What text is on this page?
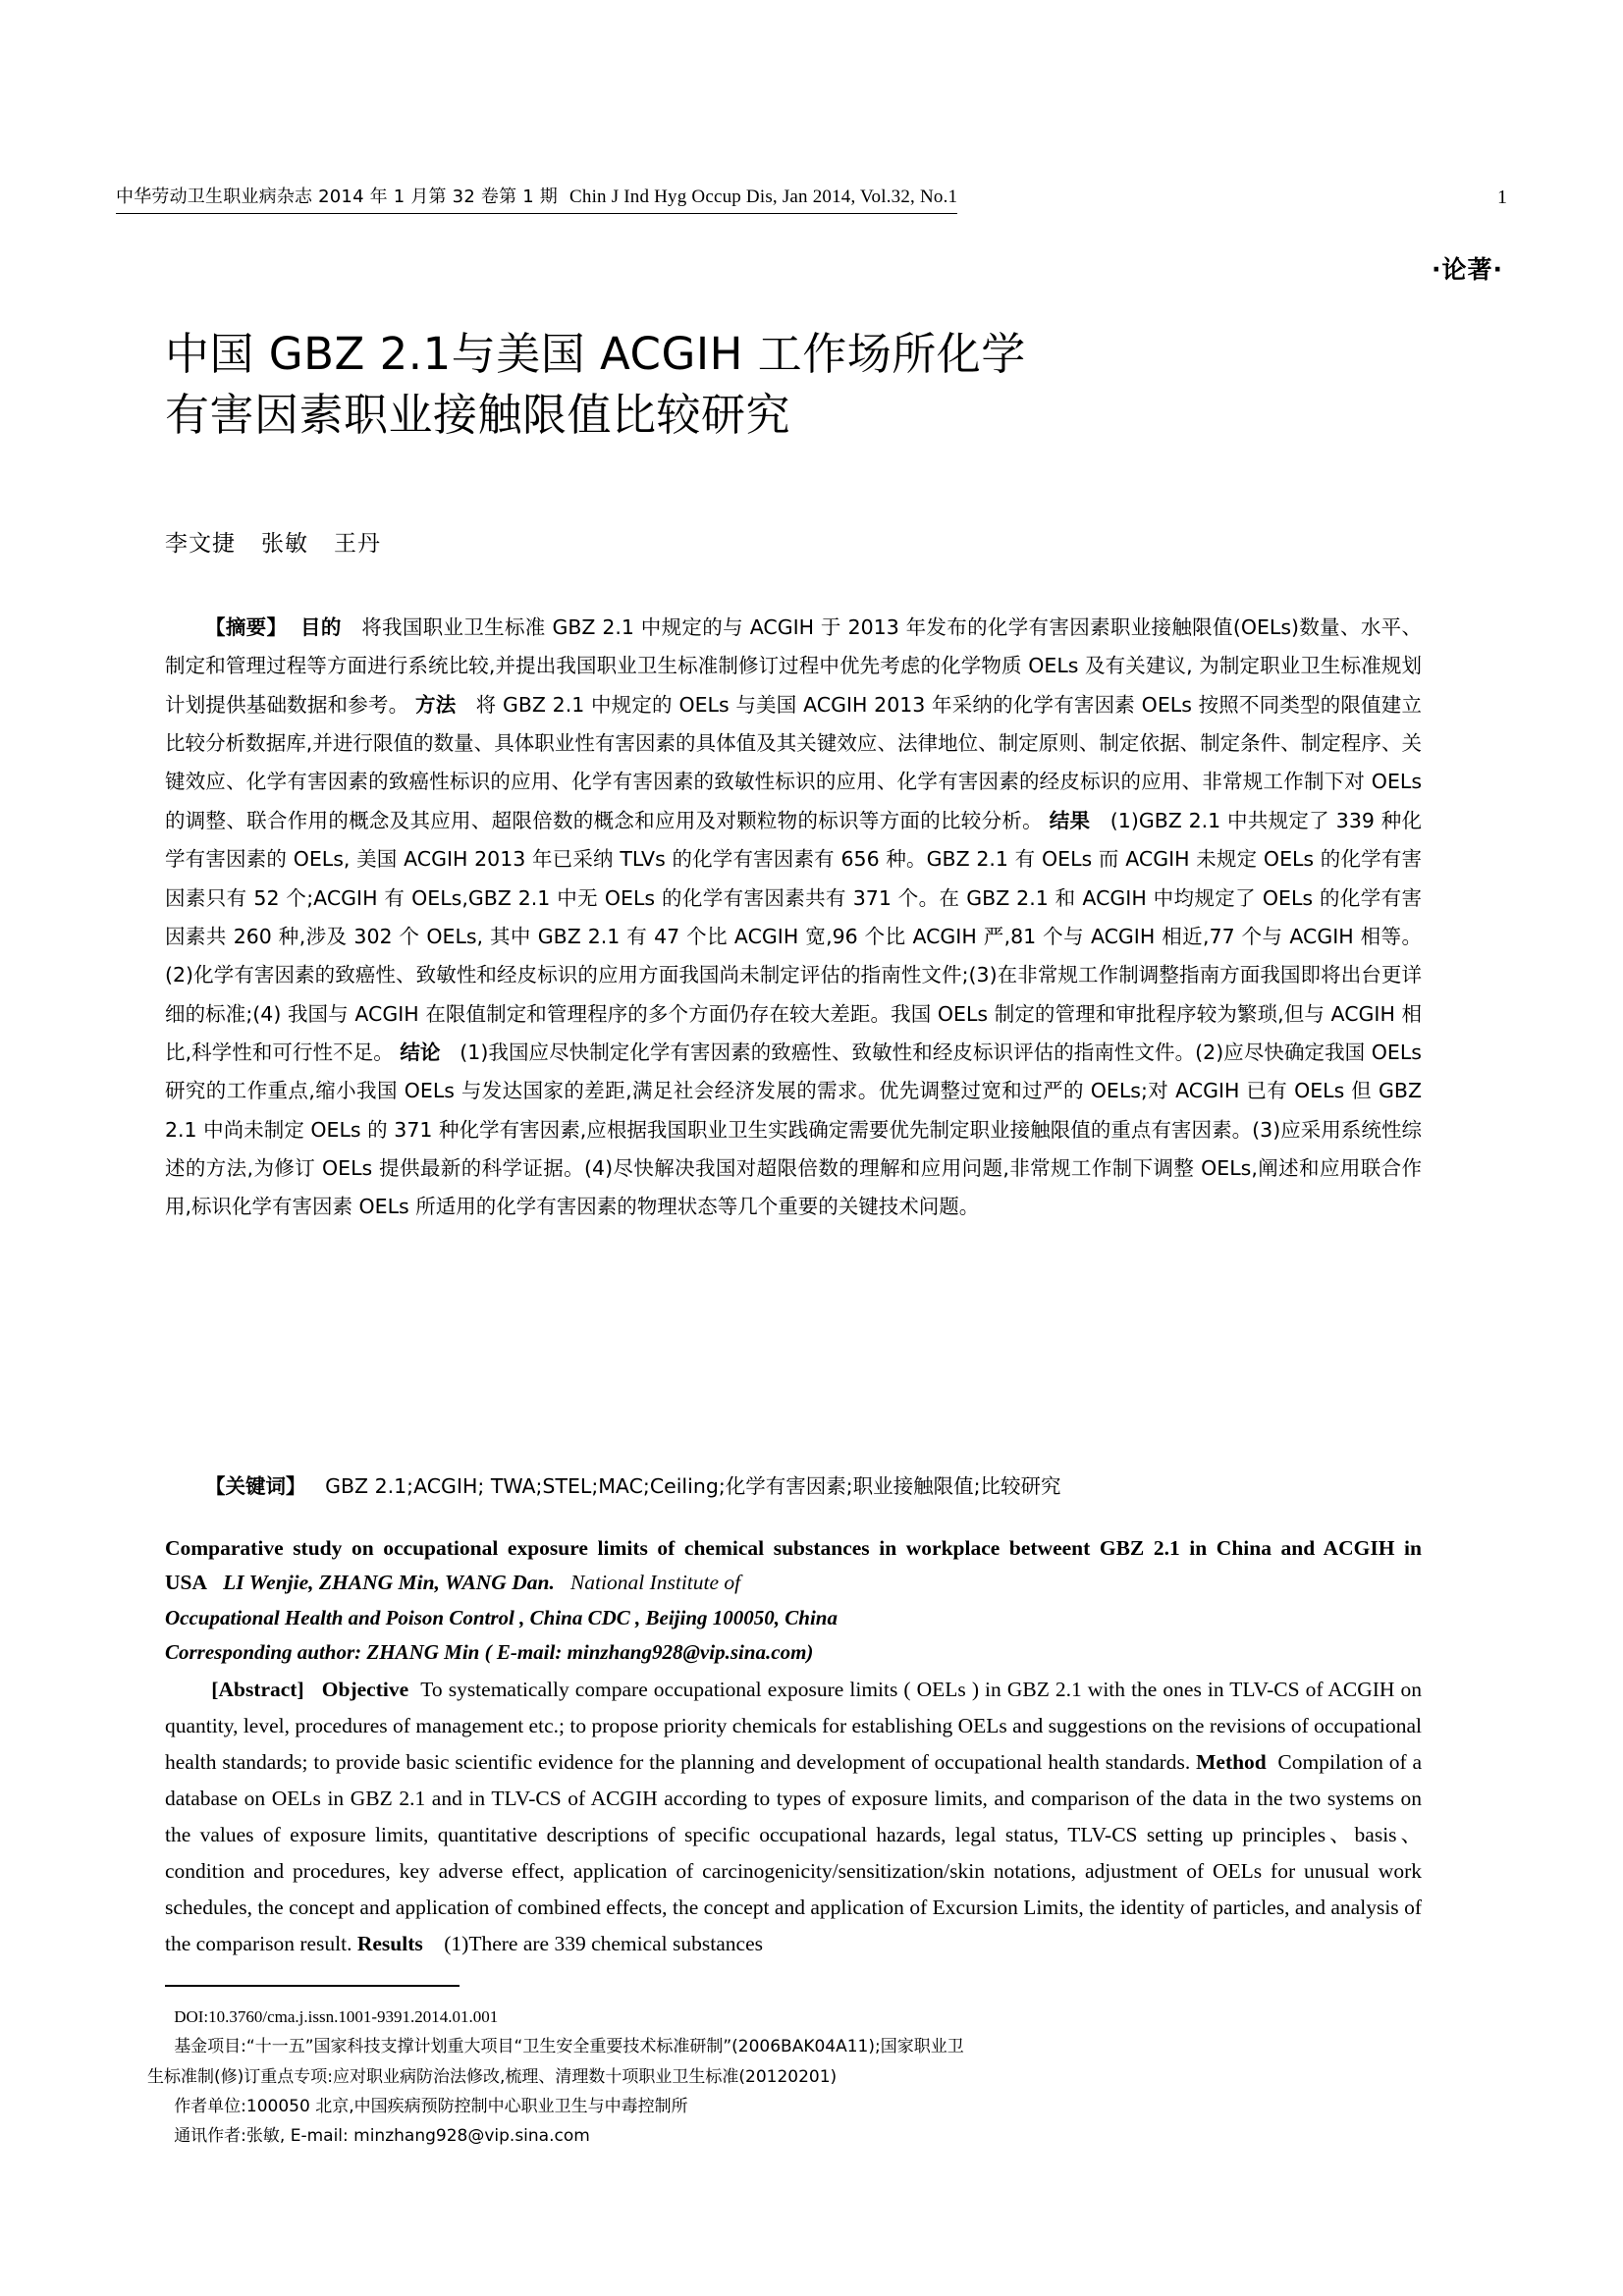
中华劳动卫生职业病杂志 2014 年 1 月第 32 卷第 1 期 Chin J Ind Hyg Occup Dis, Jan 2014, Vol.32, No.1	1
·论著·
中国 GBZ 2.1与美国 ACGIH 工作场所化学
有害因素职业接触限值比较研究
李文捷 张敏 王丹
【摘要】 目的 将我国职业卫生标准 GBZ 2.1 中规定的与 ACGIH 于 2013 年发布的化学有害因素职业接触限值(OELs)数量、水平、制定和管理过程等方面进行系统比较,并提出我国职业卫生标准制修订过程中优先考虑的化学物质 OELs 及有关建议, 为制定职业卫生标准规划计划提供基础数据和参考。 方法 将 GBZ 2.1 中规定的 OELs 与美国 ACGIH 2013 年采纳的化学有害因素 OELs 按照不同类型的限值建立比较分析数据库,并进行限值的数量、具体职业性有害因素的具体值及其关键效应、法律地位、制定原则、制定依据、制定条件、制定程序、关键效应、化学有害因素的致癌性标识的应用、化学有害因素的致敏性标识的应用、化学有害因素的经皮标识的应用、非常规工作制下对 OELs 的调整、联合作用的概念及其应用、超限倍数的概念和应用及对颗粒物的标识等方面的比较分析。 结果 (1)GBZ 2.1 中共规定了 339 种化学有害因素的 OELs, 美国 ACGIH 2013 年已采纳 TLVs 的化学有害因素有 656 种。GBZ 2.1 有 OELs 而 ACGIH 未规定 OELs 的化学有害因素只有 52 个;ACGIH 有 OELs,GBZ 2.1 中无 OELs 的化学有害因素共有 371 个。在 GBZ 2.1 和 ACGIH 中均规定了 OELs 的化学有害因素共 260 种,涉及 302 个 OELs, 其中 GBZ 2.1 有 47 个比 ACGIH 宽,96 个比 ACGIH 严,81 个与 ACGIH 相近,77 个与 ACGIH 相等。(2)化学有害因素的致癌性、致敏性和经皮标识的应用方面我国尚未制定评估的指南性文件;(3)在非常规工作制调整指南方面我国即将出台更详细的标准;(4) 我国与 ACGIH 在限值制定和管理程序的多个方面仍存在较大差距。我国 OELs 制定的管理和审批程序较为繁琐,但与 ACGIH 相比,科学性和可行性不足。 结论 (1)我国应尽快制定化学有害因素的致癌性、致敏性和经皮标识评估的指南性文件。(2)应尽快确定我国 OELs 研究的工作重点,缩小我国 OELs 与发达国家的差距,满足社会经济发展的需求。优先调整过宽和过严的 OELs;对 ACGIH 已有 OELs 但 GBZ 2.1 中尚未制定 OELs 的 371 种化学有害因素,应根据我国职业卫生实践确定需要优先制定职业接触限值的重点有害因素。(3)应采用系统性综述的方法,为修订 OELs 提供最新的科学证据。(4)尽快解决我国对超限倍数的理解和应用问题,非常规工作制下调整 OELs,阐述和应用联合作用,标识化学有害因素 OELs 所适用的化学有害因素的物理状态等几个重要的关键技术问题。
【关键词】 GBZ 2.1;ACGIH; TWA;STEL;MAC;Ceiling;化学有害因素;职业接触限值;比较研究
Comparative study on occupational exposure limits of chemical substances in workplace betweent GBZ 2.1 in China and ACGIH in USA LI Wenjie, ZHANG Min, WANG Dan. National Institute of
Occupational Health and Poison Control , China CDC , Beijing 100050, China
Corresponding author: ZHANG Min ( E-mail: minzhang928@vip.sina.com)
[Abstract] Objective To systematically compare occupational exposure limits ( OELs ) in GBZ 2.1 with the ones in TLV-CS of ACGIH on quantity, level, procedures of management etc.; to propose priority chemicals for establishing OELs and suggestions on the revisions of occupational health standards; to provide basic scientific evidence for the planning and development of occupational health standards. Method Compilation of a database on OELs in GBZ 2.1 and in TLV-CS of ACGIH according to types of exposure limits, and comparison of the data in the two systems on the values of exposure limits, quantitative descriptions of specific occupational hazards, legal status, TLV-CS setting up principles、basis、condition and procedures, key adverse effect, application of carcinogenicity/sensitization/skin notations, adjustment of OELs for unusual work schedules, the concept and application of combined effects, the concept and application of Excursion Limits, the identity of particles, and analysis of the comparison result. Results (1)There are 339 chemical substances
DOI:10.3760/cma.j.issn.1001-9391.2014.01.001
基金项目:“十一五”国家科技支撑计划重大项目“卫生安全重要技术标准研制”(2006BAK04A11);国家职业卫
生标准制(修)订重点专项:应对职业病防治法修改,梳理、清理数十项职业卫生标准(20120201)
作者单位:100050 北京,中国疾病预防控制中心职业卫生与中毒控制所
通讯作者:张敏, E-mail: minzhang928@vip.sina.com
